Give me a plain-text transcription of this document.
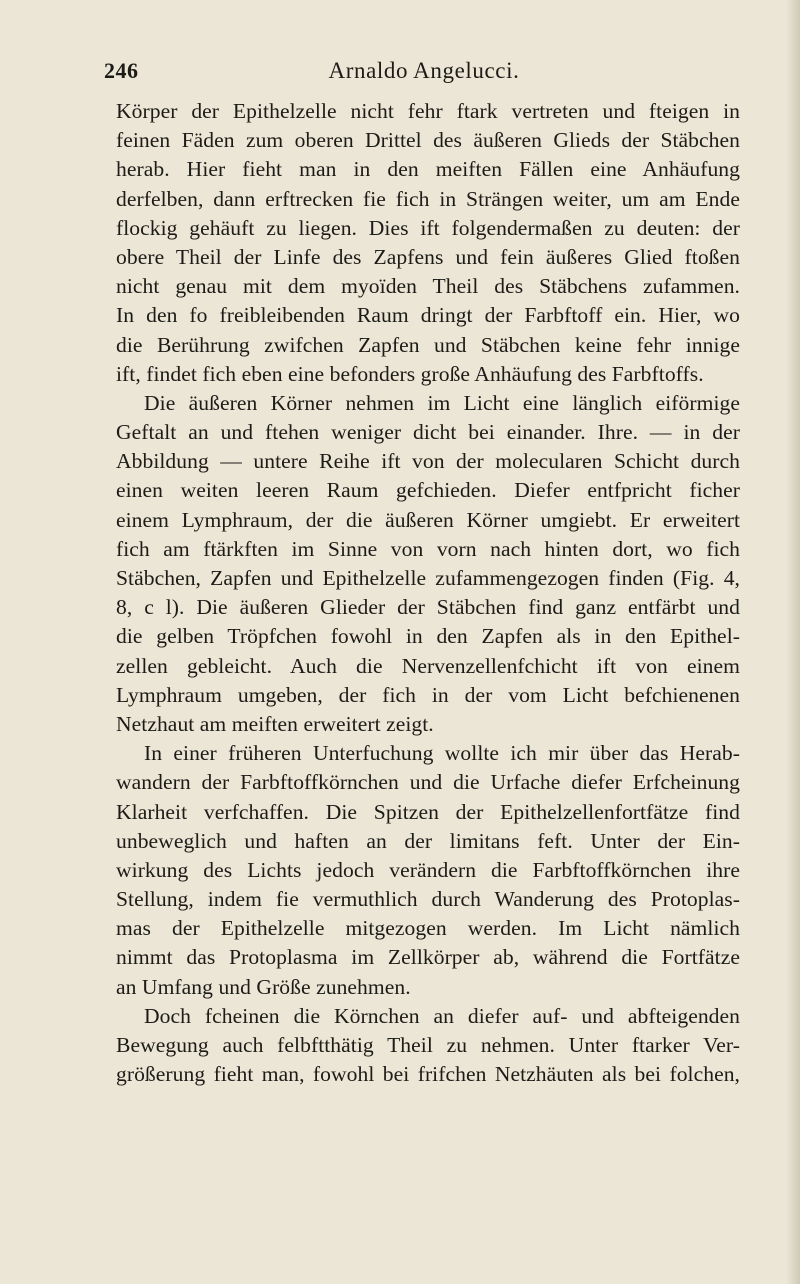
246	Arnaldo Angelucci.
Körper der Epithelzelle nicht fehr ftark vertreten und fteigen in
feinen Fäden zum oberen Drittel des äußeren Glieds der Stäbchen
herab. Hier fieht man in den meiften Fällen eine Anhäufung
derfelben, dann erftrecken fie fich in Strängen weiter, um am Ende
flockig gehäuft zu liegen. Dies ift folgendermaßen zu deuten: der
obere Theil der Linfe des Zapfens und fein äußeres Glied ftoßen
nicht genau mit dem myoïden Theil des Stäbchens zufammen.
In den fo freibleibenden Raum dringt der Farbftoff ein. Hier, wo
die Berührung zwifchen Zapfen und Stäbchen keine fehr innige
ift, findet fich eben eine befonders große Anhäufung des Farbftoffs.
Die äußeren Körner nehmen im Licht eine länglich eiförmige
Geftalt an und ftehen weniger dicht bei einander. Ihre. — in der
Abbildung — untere Reihe ift von der molecularen Schicht durch
einen weiten leeren Raum gefchieden. Diefer entfpricht ficher
einem Lymphraum, der die äußeren Körner umgiebt. Er erweitert
fich am ftärkften im Sinne von vorn nach hinten dort, wo fich
Stäbchen, Zapfen und Epithelzelle zufammengezogen finden (Fig. 4,
8, c l). Die äußeren Glieder der Stäbchen find ganz entfärbt und
die gelben Tröpfchen fowohl in den Zapfen als in den Epithel-
zellen gebleicht. Auch die Nervenzellenfchicht ift von einem
Lymphraum umgeben, der fich in der vom Licht befchienenen
Netzhaut am meiften erweitert zeigt.
In einer früheren Unterfuchung wollte ich mir über das Herab-
wandern der Farbftoffkörnchen und die Urfache diefer Erfcheinung
Klarheit verfchaffen. Die Spitzen der Epithelzellenfortfätze find
unbeweglich und haften an der limitans feft. Unter der Ein-
wirkung des Lichts jedoch verändern die Farbftoffkörnchen ihre
Stellung, indem fie vermuthlich durch Wanderung des Protoplas-
mas der Epithelzelle mitgezogen werden. Im Licht nämlich
nimmt das Protoplasma im Zellkörper ab, während die Fortfätze
an Umfang und Größe zunehmen.
Doch fcheinen die Körnchen an diefer auf- und abfteigenden
Bewegung auch felbftthätig Theil zu nehmen. Unter ftarker Ver-
größerung fieht man, fowohl bei frifchen Netzhäuten als bei folchen,
